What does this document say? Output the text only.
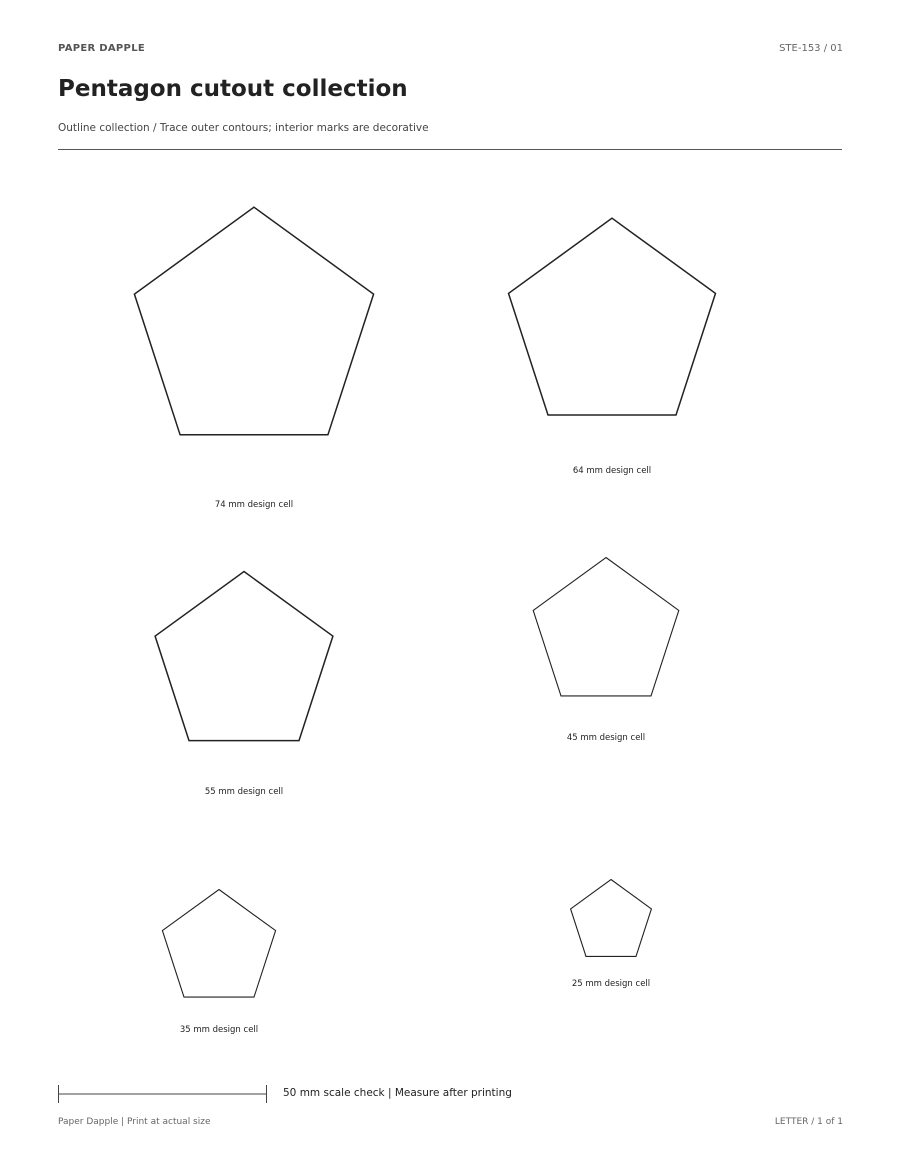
PAPER DAPPLE	STE-153 / 01
Pentagon cutout collection
Outline collection / Trace outer contours; interior marks are decorative
74 mm design cell
64 mm design cell
55 mm design cell
45 mm design cell
35 mm design cell
25 mm design cell
50 mm scale check | Measure after printing
Paper Dapple | Print at actual size	LETTER / 1 of 1
